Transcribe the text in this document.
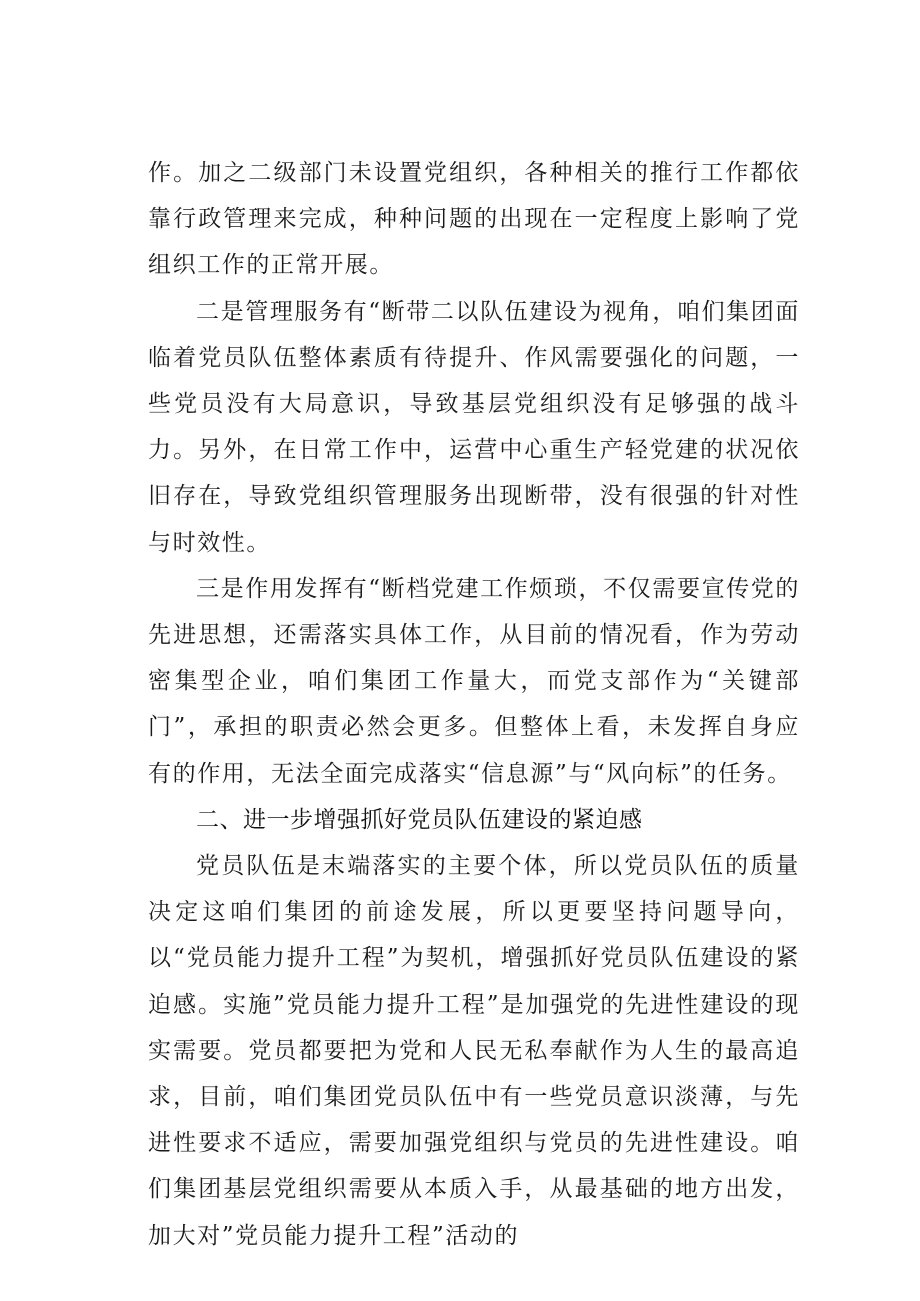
作。加之二级部门未设置党组织，各种相关的推行工作都依靠行政管理来完成，种种问题的出现在一定程度上影响了党组织工作的正常开展。

二是管理服务有“断带二以队伍建设为视角，咱们集团面临着党员队伍整体素质有待提升、作风需要强化的问题，一些党员没有大局意识，导致基层党组织没有足够强的战斗力。另外，在日常工作中，运营中心重生产轻党建的状况依旧存在，导致党组织管理服务出现断带，没有很强的针对性与时效性。

三是作用发挥有“断档党建工作烦琐，不仅需要宣传党的先进思想，还需落实具体工作，从目前的情况看，作为劳动密集型企业，咱们集团工作量大，而党支部作为“关键部门”，承担的职责必然会更多。但整体上看，未发挥自身应有的作用，无法全面完成落实“信息源”与“风向标”的任务。

二、进一步增强抓好党员队伍建设的紧迫感

党员队伍是末端落实的主要个体，所以党员队伍的质量决定这咱们集团的前途发展，所以更要坚持问题导向，以“党员能力提升工程”为契机，增强抓好党员队伍建设的紧迫感。实施”党员能力提升工程”是加强党的先进性建设的现实需要。党员都要把为党和人民无私奉献作为人生的最高追求，目前，咱们集团党员队伍中有一些党员意识淡薄，与先进性要求不适应，需要加强党组织与党员的先进性建设。咱们集团基层党组织需要从本质入手，从最基础的地方出发，加大对”党员能力提升工程”活动的
